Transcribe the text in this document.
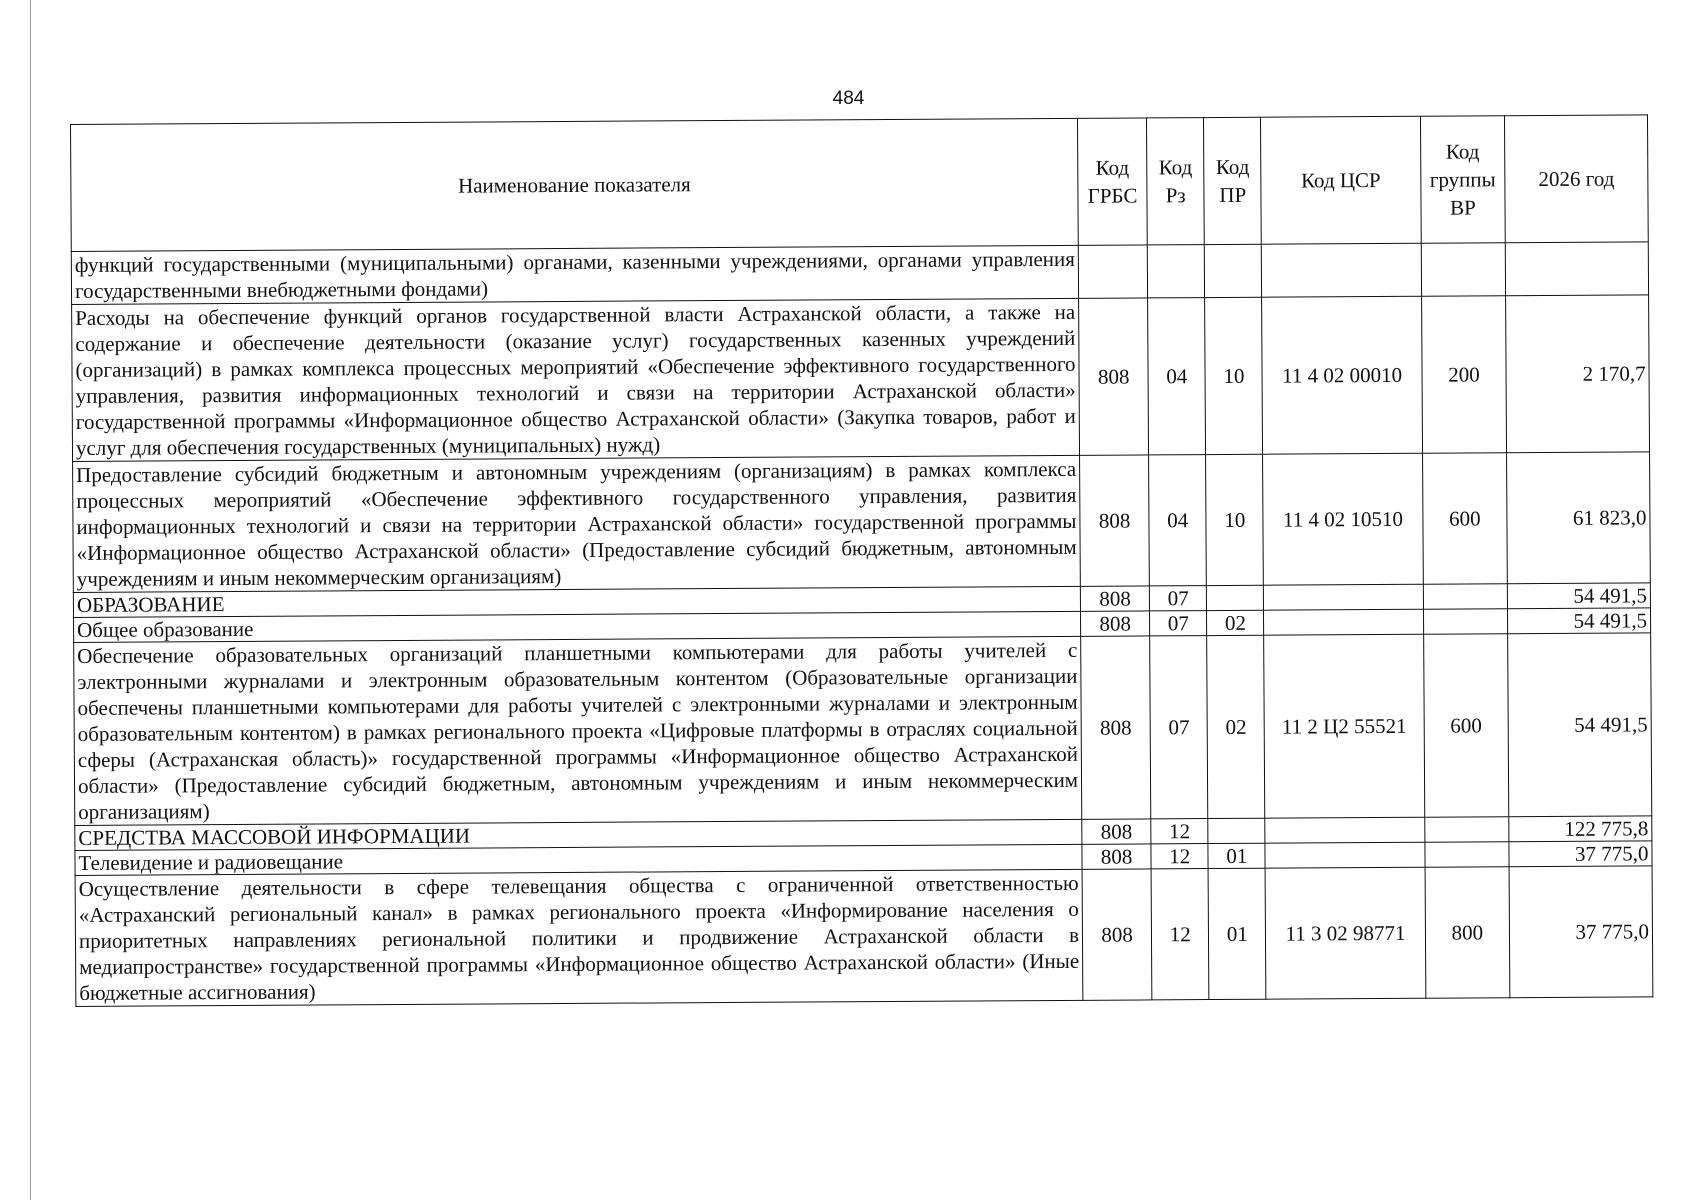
484
Наименование показателя	Код ГРБС	Код Рз	Код ПР	Код ЦСР	Код группы ВР	2026 год
функций государственными (муниципальными) органами, казенными учреждениями, органами управления государственными внебюджетными фондами)						
Расходы на обеспечение функций органов государственной власти Астраханской области, а также на содержание и обеспечение деятельности (оказание услуг) государственных казенных учреждений (организаций) в рамках комплекса процессных мероприятий «Обеспечение эффективного государственного управления, развития информационных технологий и связи на территории Астраханской области» государственной программы «Информационное общество Астраханской области» (Закупка товаров, работ и услуг для обеспечения государственных (муниципальных) нужд)	808	04	10	11 4 02 00010	200	2 170,7
Предоставление субсидий бюджетным и автономным учреждениям (организациям) в рамках комплекса процессных мероприятий «Обеспечение эффективного государственного управления, развития информационных технологий и связи на территории Астраханской области» государственной программы «Информационное общество Астраханской области» (Предоставление субсидий бюджетным, автономным учреждениям и иным некоммерческим организациям)	808	04	10	11 4 02 10510	600	61 823,0
ОБРАЗОВАНИЕ	808	07				54 491,5
Общее образование	808	07	02			54 491,5
Обеспечение образовательных организаций планшетными компьютерами для работы учителей с электронными журналами и электронным образовательным контентом (Образовательные организации обеспечены планшетными компьютерами для работы учителей с электронными журналами и электронным образовательным контентом) в рамках регионального проекта «Цифровые платформы в отраслях социальной сферы (Астраханская область)» государственной программы «Информационное общество Астраханской области» (Предоставление субсидий бюджетным, автономным учреждениям и иным некоммерческим организациям)	808	07	02	11 2 Ц2 55521	600	54 491,5
СРЕДСТВА МАССОВОЙ ИНФОРМАЦИИ	808	12				122 775,8
Телевидение и радиовещание	808	12	01			37 775,0
Осуществление деятельности в сфере телевещания общества с ограниченной ответственностью «Астраханский региональный канал» в рамках регионального проекта «Информирование населения о приоритетных направлениях региональной политики и продвижение Астраханской области в медиапространстве» государственной программы «Информационное общество Астраханской области» (Иные бюджетные ассигнования)	808	12	01	11 3 02 98771	800	37 775,0
